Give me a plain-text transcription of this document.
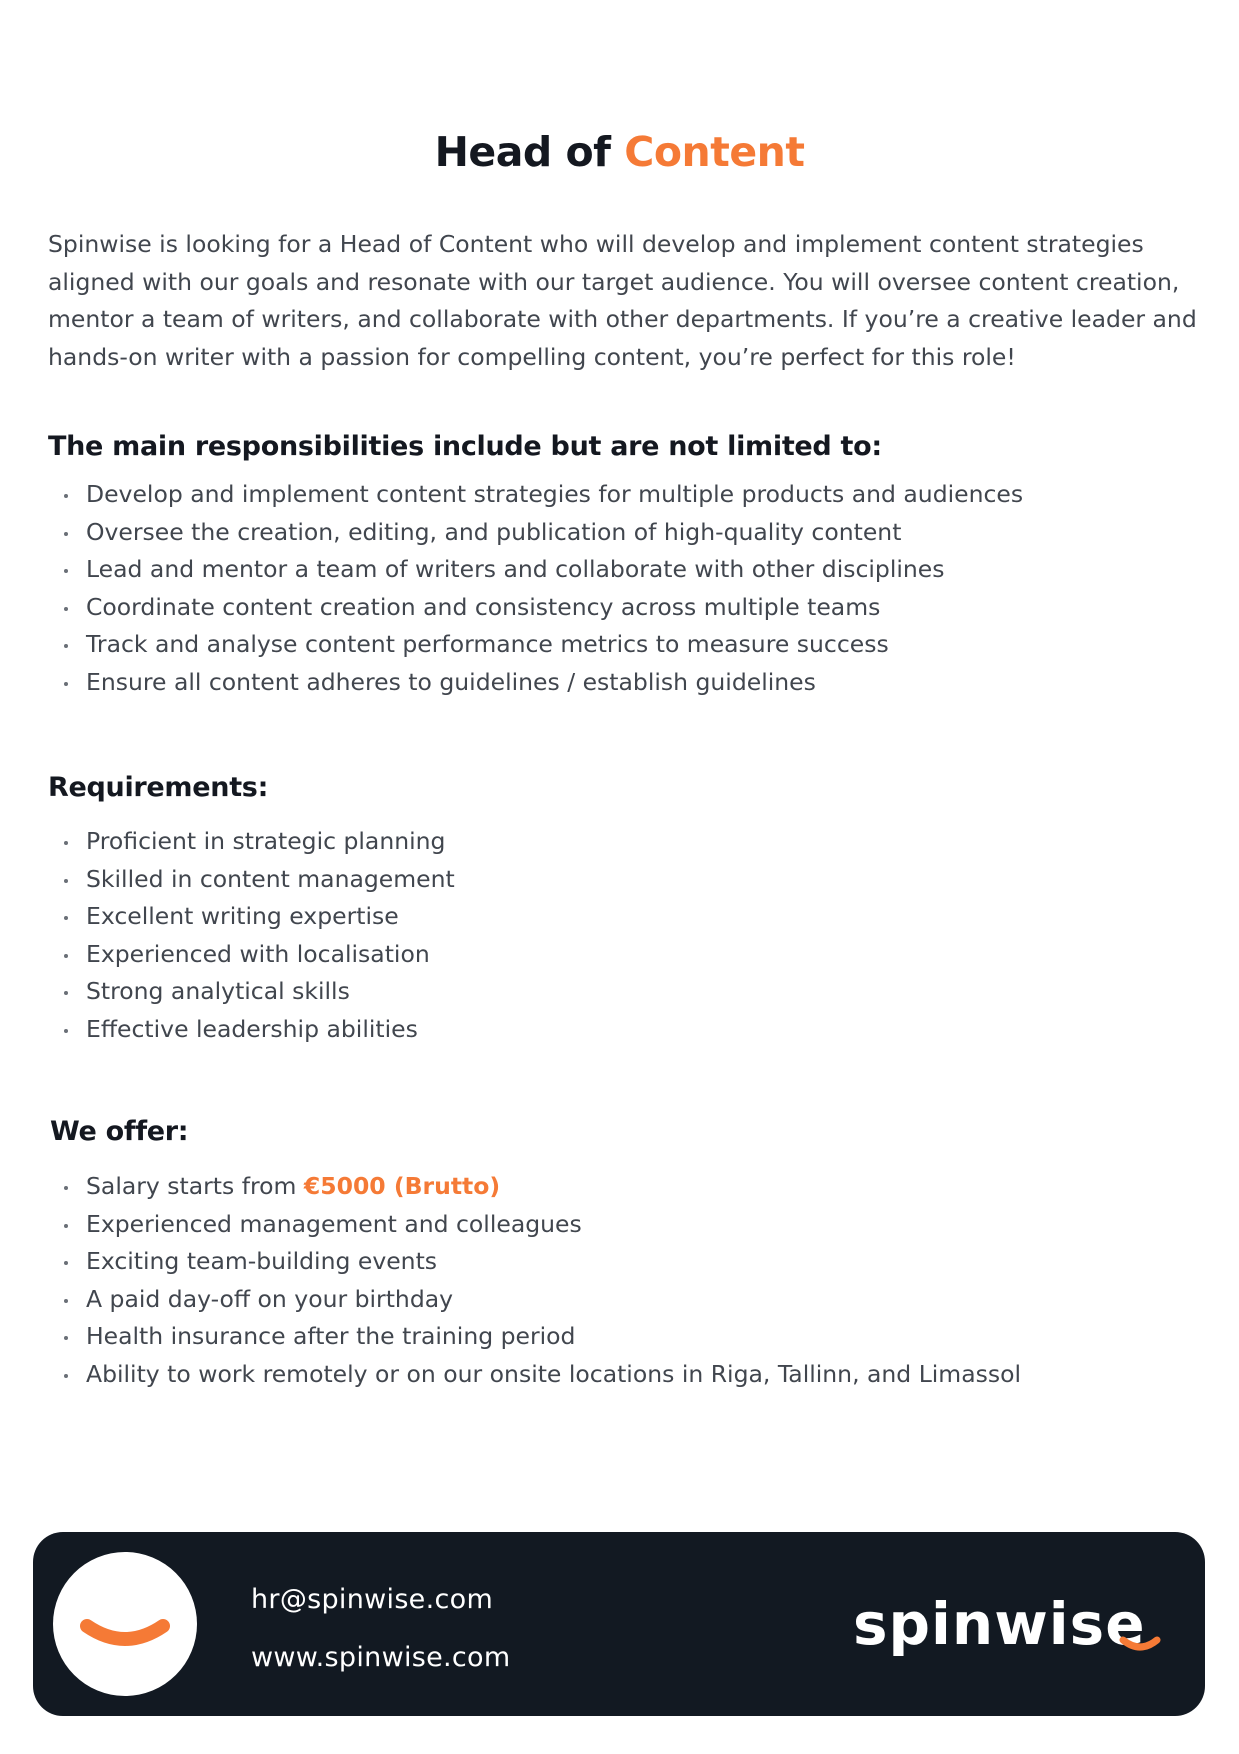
Head of Content
Spinwise is looking for a Head of Content who will develop and implement content strategies aligned with our goals and resonate with our target audience. You will oversee content creation, mentor a team of writers, and collaborate with other departments. If you’re a creative leader and hands-on writer with a passion for compelling content, you’re perfect for this role!
The main responsibilities include but are not limited to:
Develop and implement content strategies for multiple products and audiences
Oversee the creation, editing, and publication of high-quality content
Lead and mentor a team of writers and collaborate with other disciplines
Coordinate content creation and consistency across multiple teams
Track and analyse content performance metrics to measure success
Ensure all content adheres to guidelines / establish guidelines
Requirements:
Proficient in strategic planning
Skilled in content management
Excellent writing expertise
Experienced with localisation
Strong analytical skills
Effective leadership abilities
We offer:
Salary starts from €5000 (Brutto)
Experienced management and colleagues
Exciting team-building events
A paid day-off on your birthday
Health insurance after the training period
Ability to work remotely or on our onsite locations in Riga, Tallinn, and Limassol
hr@spinwise.com
www.spinwise.com	spinwise
